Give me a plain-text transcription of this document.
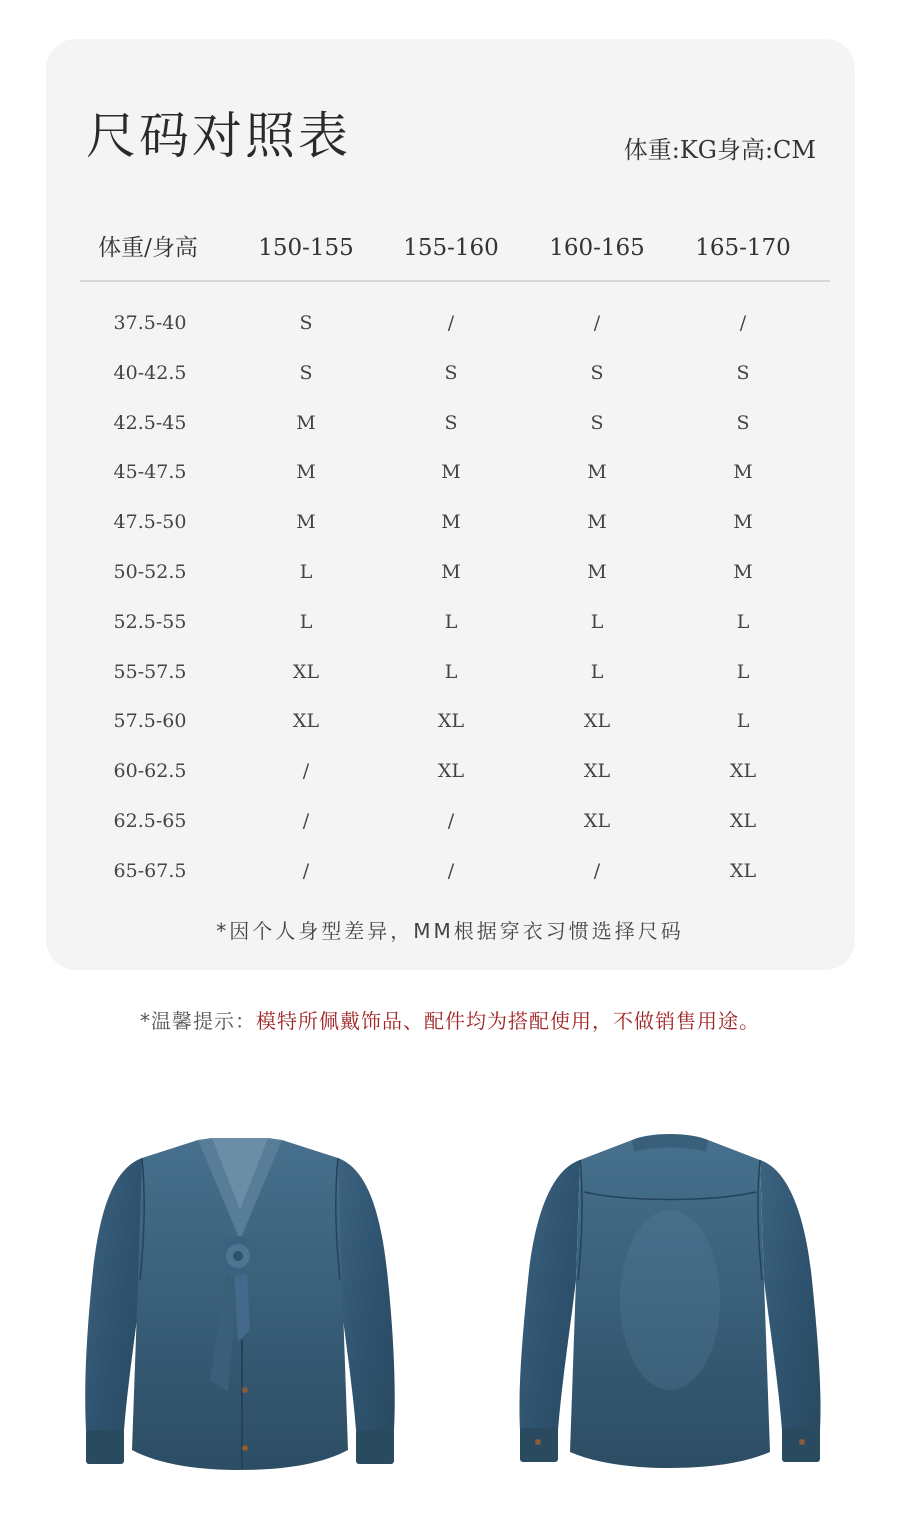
尺码对照表	体重:KG身高:CM
体重/身高	150-155 155-160 160-165 165-170
37.5-40	S	/	/	/
40-42.5	S	S	S	S
42.5-45	M	S	S	S
45-47.5	M	M	M	M
47.5-50	M	M	M	M
50-52.5	L	M	M	M
52.5-55	L	L	L	L
55-57.5	XL	L	L	L
57.5-60	XL	XL	XL	L
60-62.5	/	XL	XL	XL
62.5-65	/	/	XL	XL
65-67.5	/	/	/	XL
*因个人身型差异，MM根据穿衣习惯选择尺码
*温馨提示：模特所佩戴饰品、配件均为搭配使用，不做销售用途。
